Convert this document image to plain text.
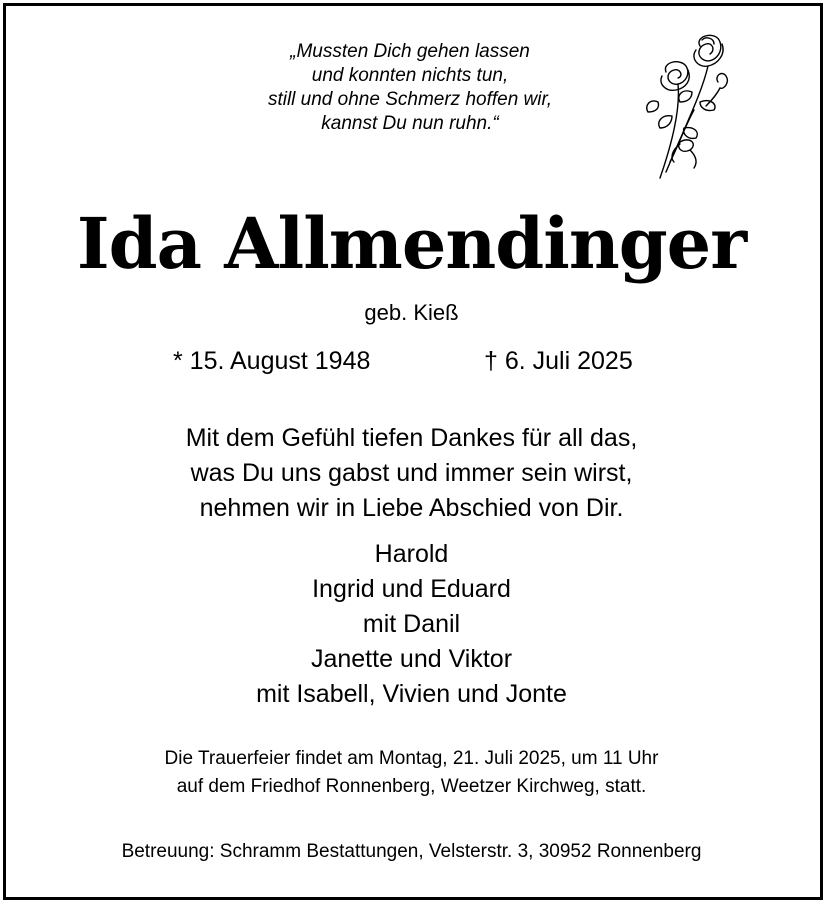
„Mussten Dich gehen lassen
und konnten nichts tun,
still und ohne Schmerz hoffen wir,
kannst Du nun ruhn.“
Ida Allmendinger
geb. Kieß
* 15. August 1948	† 6. Juli 2025
Mit dem Gefühl tiefen Dankes für all das,
was Du uns gabst und immer sein wirst,
nehmen wir in Liebe Abschied von Dir.
Harold
Ingrid und Eduard
mit Danil
Janette und Viktor
mit Isabell, Vivien und Jonte
Die Trauerfeier findet am Montag, 21. Juli 2025, um 11 Uhr
auf dem Friedhof Ronnenberg, Weetzer Kirchweg, statt.
Betreuung: Schramm Bestattungen, Velsterstr. 3, 30952 Ronnenberg
